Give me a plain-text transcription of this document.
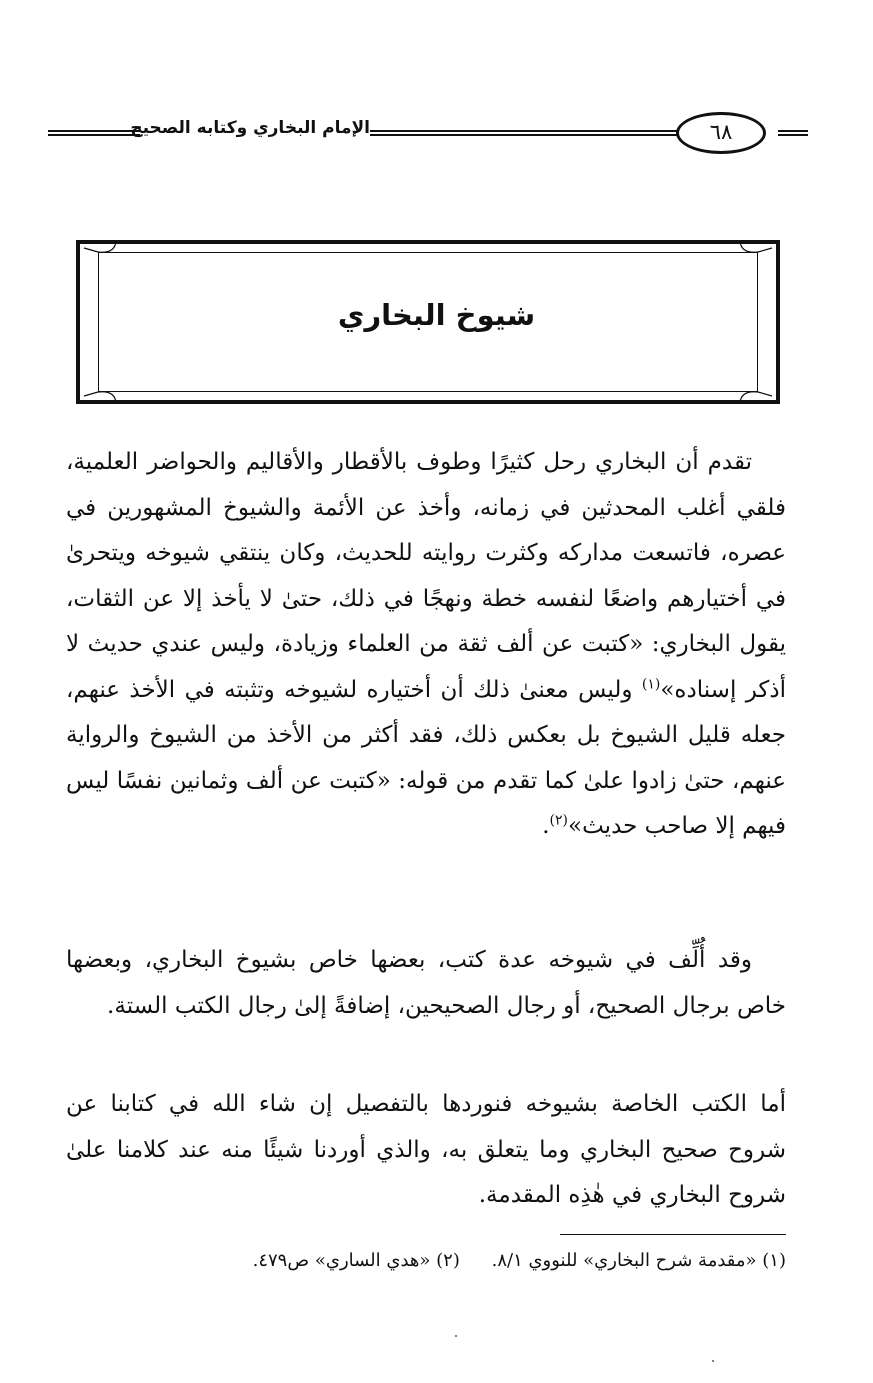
الإمام البخاري وكتابه الصحيح	٦٨
شيوخ البخاري

تقدم أن البخاري رحل كثيرًا وطوف بالأقطار والأقاليم والحواضر العلمية، فلقي أغلب المحدثين في زمانه، وأخذ عن الأئمة والشيوخ المشهورين في عصره، فاتسعت مداركه وكثرت روايته للحديث، وكان ينتقي شيوخه ويتحرىٰ في أختيارهم واضعًا لنفسه خطة ونهجًا في ذلك، حتىٰ لا يأخذ إلا عن الثقات، يقول البخاري: «كتبت عن ألف ثقة من العلماء وزيادة، وليس عندي حديث لا أذكر إسناده»$^{(١)}$ وليس معنىٰ ذلك أن أختياره لشيوخه وتثبته في الأخذ عنهم، جعله قليل الشيوخ بل بعكس ذلك، فقد أكثر من الأخذ من الشيوخ والرواية عنهم، حتىٰ زادوا علىٰ كما تقدم من قوله: «كتبت عن ألف وثمانين نفسًا ليس فيهم إلا صاحب حديث»$^{(٢)}$.

وقد أُلِّف في شيوخه عدة كتب، بعضها خاص بشيوخ البخاري، وبعضها خاص برجال الصحيح، أو رجال الصحيحين، إضافةً إلىٰ رجال الكتب الستة.

أما الكتب الخاصة بشيوخه فنوردها بالتفصيل إن شاء الله في كتابنا عن شروح صحيح البخاري وما يتعلق به، والذي أوردنا شيئًا منه عند كلامنا علىٰ شروح البخاري في هٰذِه المقدمة.

(١) «مقدمة شرح البخاري» للنووي ٨/١. (٢) «هدي الساري» ص٤٧٩.
